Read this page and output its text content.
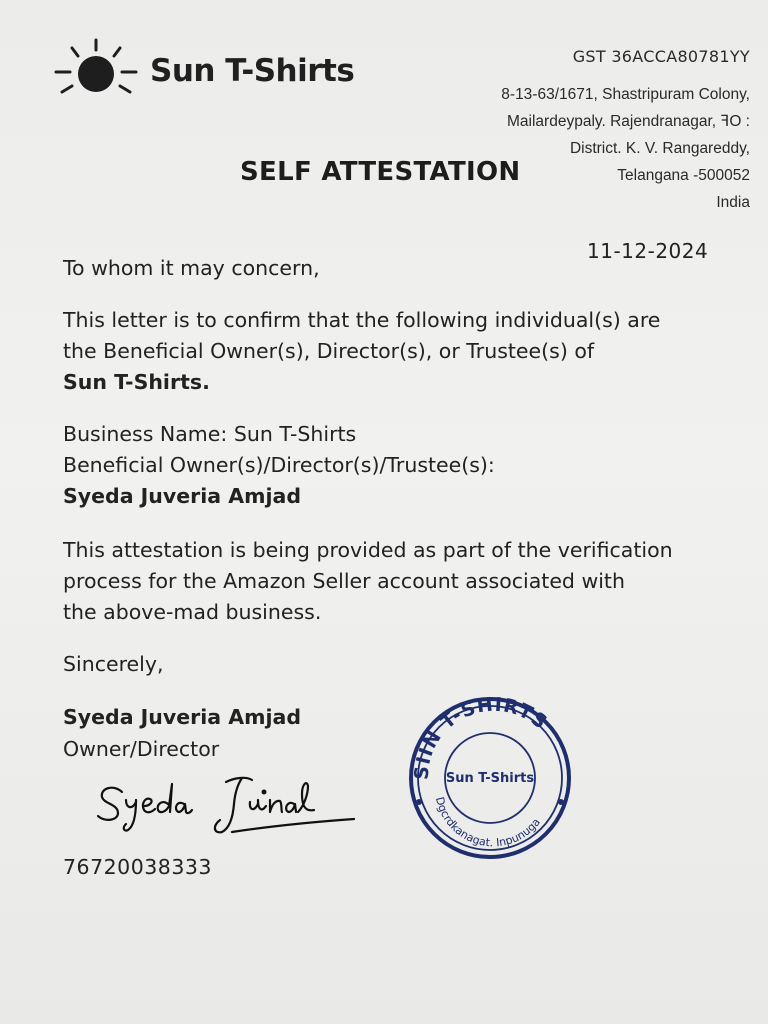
Sun T-Shirts	GST 36ACCA80781YY
8-13-63/1671, Shastripuram Colony,
Mailardeypaly. Rajendranagar, ꟻO :
District. K. V. Rangareddy,
Telangana -500052
India
SELF ATTESTATION
11-12-2024
To whom it may concern,
This letter is to confirm that the following individual(s) are
the Beneficial Owner(s), Director(s), or Trustee(s) of
Sun T-Shirts.
Business Name: Sun T-Shirts
Beneficial Owner(s)/Director(s)/Trustee(s):
Syeda Juveria Amjad
This attestation is being provided as part of the verification
process for the Amazon Seller account associated with
the above-mad business.
Sincerely,
Syeda Juveria Amjad
Owner/Director
76720038333
SIIN T-SHIRTS
Sun T-Shirts
Dgcrdkanagat. Inpunuga
